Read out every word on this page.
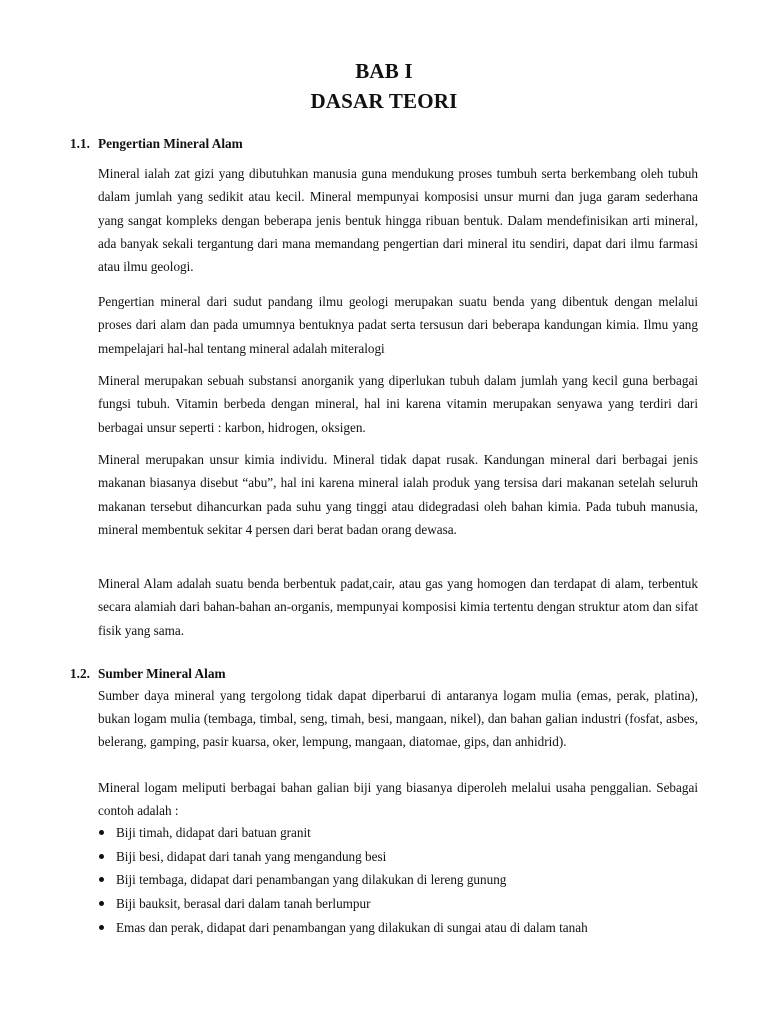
BAB I
DASAR TEORI
1.1. Pengertian Mineral Alam

Mineral ialah zat gizi yang dibutuhkan manusia guna mendukung proses tumbuh serta berkembang oleh tubuh dalam jumlah yang sedikit atau kecil. Mineral mempunyai komposisi unsur murni dan juga garam sederhana yang sangat kompleks dengan beberapa jenis bentuk hingga ribuan bentuk. Dalam mendefinisikan arti mineral, ada banyak sekali tergantung dari mana memandang pengertian dari mineral itu sendiri, dapat dari ilmu farmasi atau ilmu geologi.

Pengertian mineral dari sudut pandang ilmu geologi merupakan suatu benda yang dibentuk dengan melalui proses dari alam dan pada umumnya bentuknya padat serta tersusun dari beberapa kandungan kimia. Ilmu yang mempelajari hal-hal tentang mineral adalah miteralogi

Mineral merupakan sebuah substansi anorganik yang diperlukan tubuh dalam jumlah yang kecil guna berbagai fungsi tubuh. Vitamin berbeda dengan mineral, hal ini karena vitamin merupakan senyawa yang terdiri dari berbagai unsur seperti : karbon, hidrogen, oksigen.

Mineral merupakan unsur kimia individu. Mineral tidak dapat rusak. Kandungan mineral dari berbagai jenis makanan biasanya disebut “abu”, hal ini karena mineral ialah produk yang tersisa dari makanan setelah seluruh makanan tersebut dihancurkan pada suhu yang tinggi atau didegradasi oleh bahan kimia. Pada tubuh manusia, mineral membentuk sekitar 4 persen dari berat badan orang dewasa.

Mineral Alam adalah suatu benda berbentuk padat,cair, atau gas yang homogen dan terdapat di alam, terbentuk secara alamiah dari bahan-bahan an-organis, mempunyai komposisi kimia tertentu dengan struktur atom dan sifat fisik yang sama.

1.2. Sumber Mineral Alam

Sumber daya mineral yang tergolong tidak dapat diperbarui di antaranya logam mulia (emas, perak, platina), bukan logam mulia (tembaga, timbal, seng, timah, besi, mangaan, nikel), dan bahan galian industri (fosfat, asbes, belerang, gamping, pasir kuarsa, oker, lempung, mangaan, diatomae, gips, dan anhidrid).

Mineral logam meliputi berbagai bahan galian biji yang biasanya diperoleh melalui usaha penggalian. Sebagai contoh adalah :

Biji timah, didapat dari batuan granit
Biji besi, didapat dari tanah yang mengandung besi
Biji tembaga, didapat dari penambangan yang dilakukan di lereng gunung
Biji bauksit, berasal dari dalam tanah berlumpur
Emas dan perak, didapat dari penambangan yang dilakukan di sungai atau di dalam tanah
